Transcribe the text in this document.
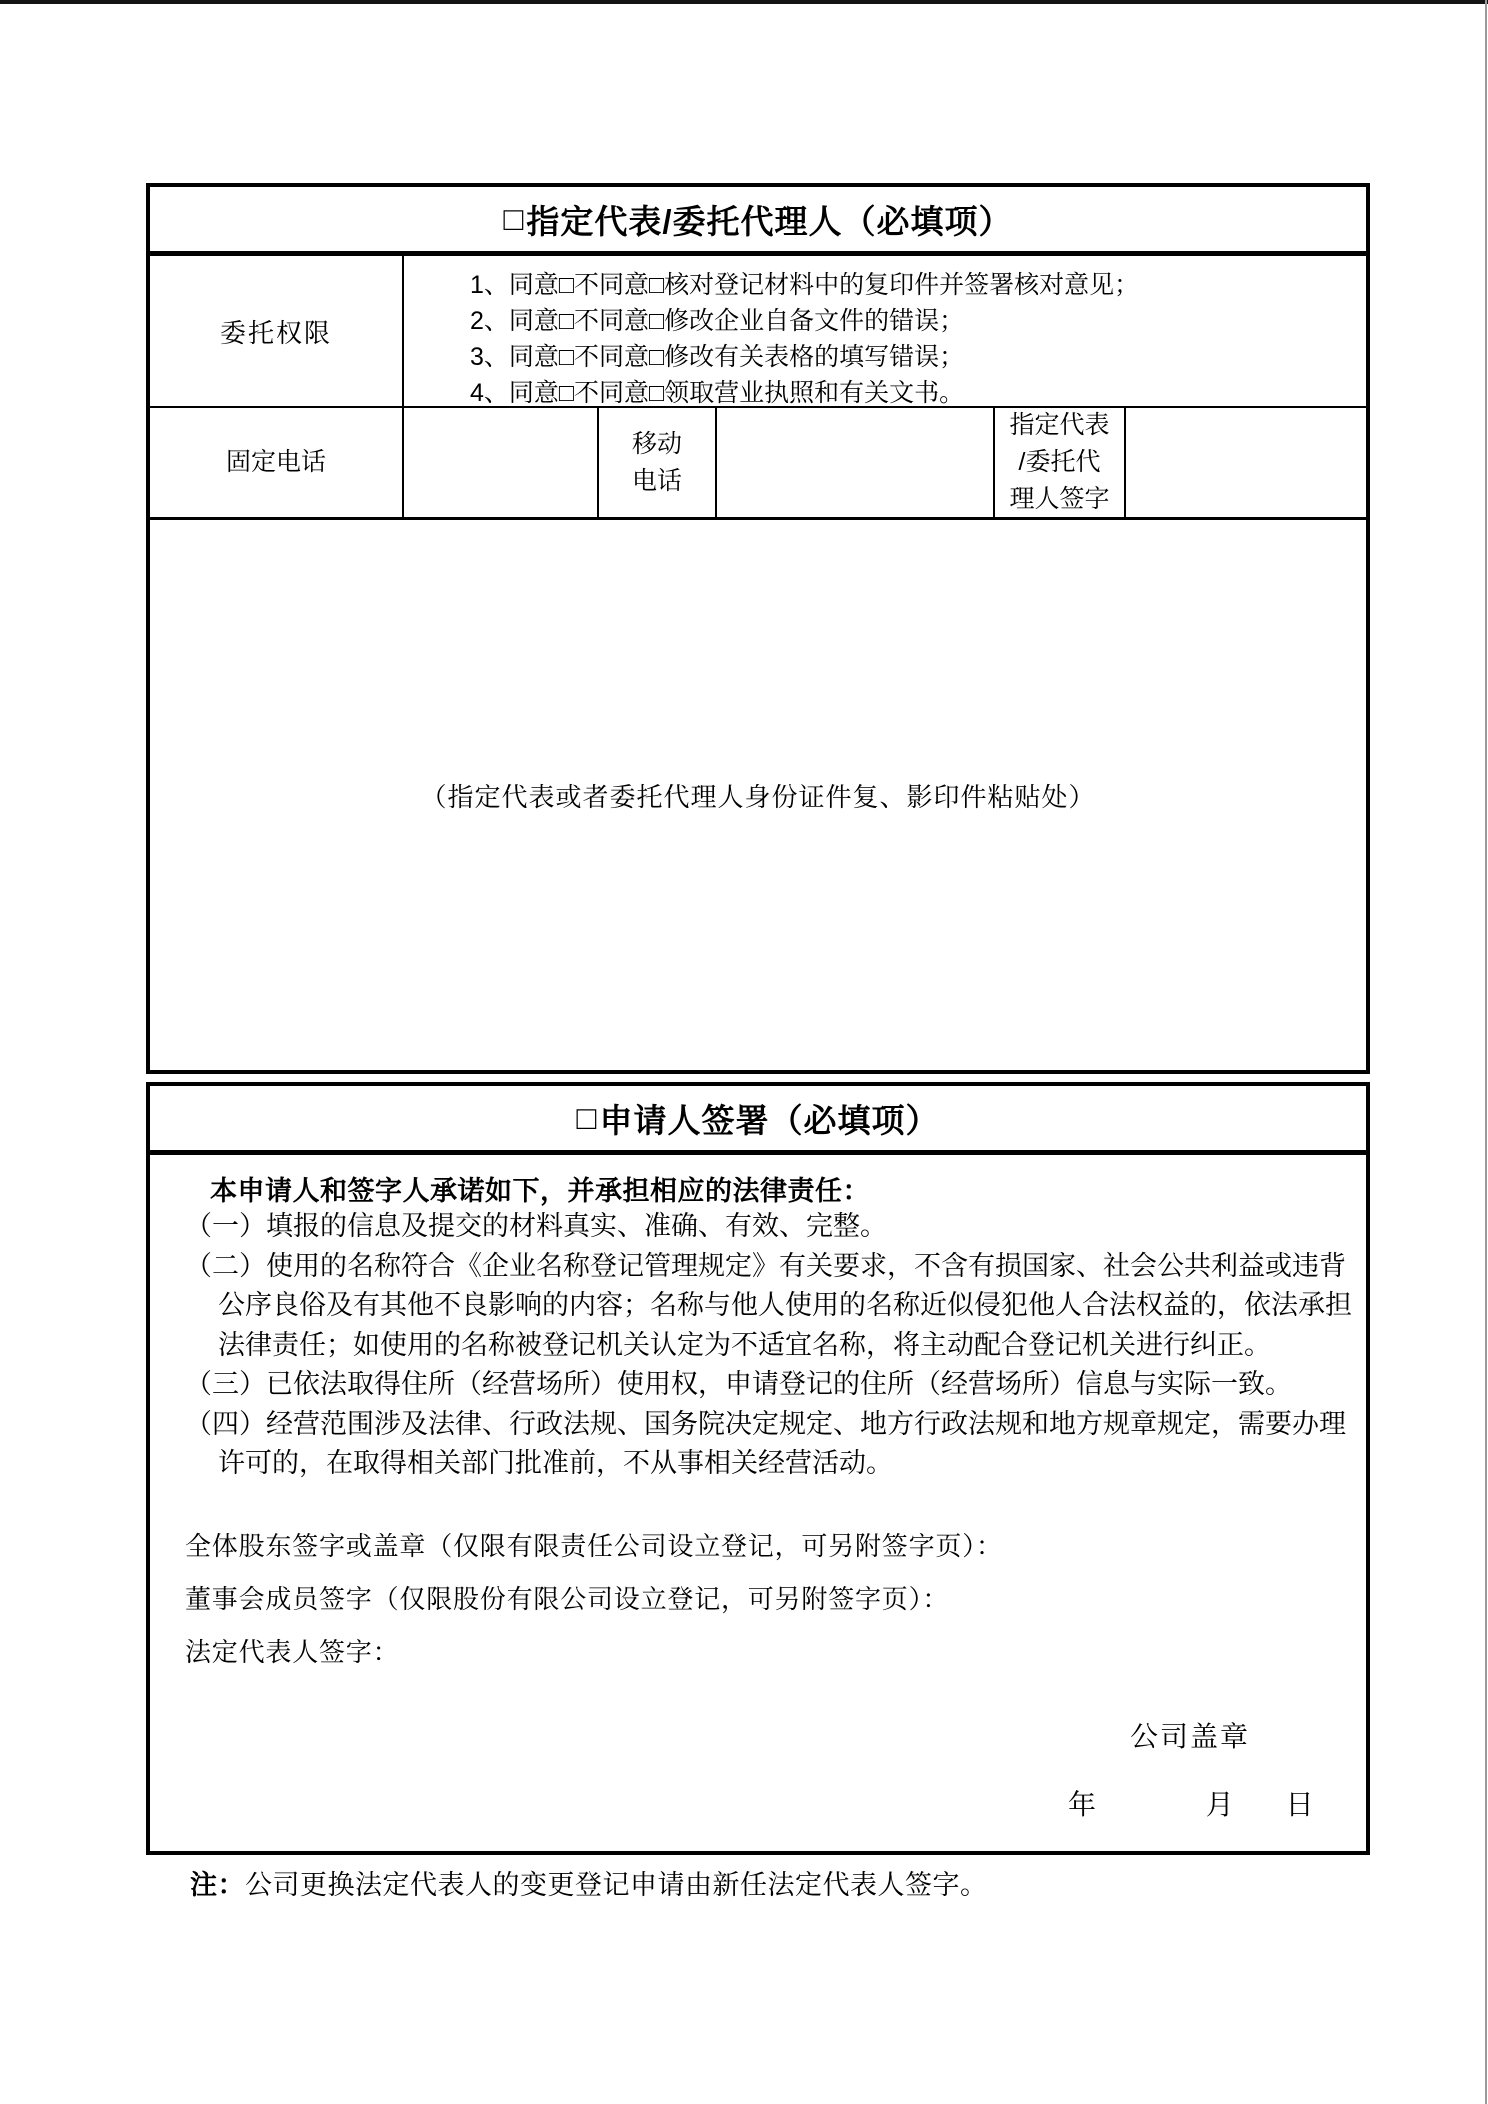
□ 指定代表/委托代理人（必填项）
委托权限
1、同意□不同意□核对登记材料中的复印件并签署核对意见；
2、同意□不同意□修改企业自备文件的错误；
3、同意□不同意□修改有关表格的填写错误；
4、同意□不同意□领取营业执照和有关文书。
固定电话
移动
电话
指定代表
/委托代
理人签字
（指定代表或者委托代理人身份证件复、影印件粘贴处）
□ 申请人签署（必填项）
本申请人和签字人承诺如下，并承担相应的法律责任：
（一）填报的信息及提交的材料真实、准确、有效、完整。
（二）使用的名称符合《企业名称登记管理规定》有关要求，不含有损国家、社会公共利益或违背公序良俗及有其他不良影响的内容；名称与他人使用的名称近似侵犯他人合法权益的，依法承担法律责任；如使用的名称被登记机关认定为不适宜名称，将主动配合登记机关进行纠正。
（三）已依法取得住所（经营场所）使用权，申请登记的住所（经营场所）信息与实际一致。
（四）经营范围涉及法律、行政法规、国务院决定规定、地方行政法规和地方规章规定，需要办理许可的，在取得相关部门批准前，不从事相关经营活动。
全体股东签字或盖章（仅限有限责任公司设立登记，可另附签字页）：
董事会成员签字（仅限股份有限公司设立登记，可另附签字页）：
法定代表人签字：
公司盖章
年	月 日
注：公司更换法定代表人的变更登记申请由新任法定代表人签字。
